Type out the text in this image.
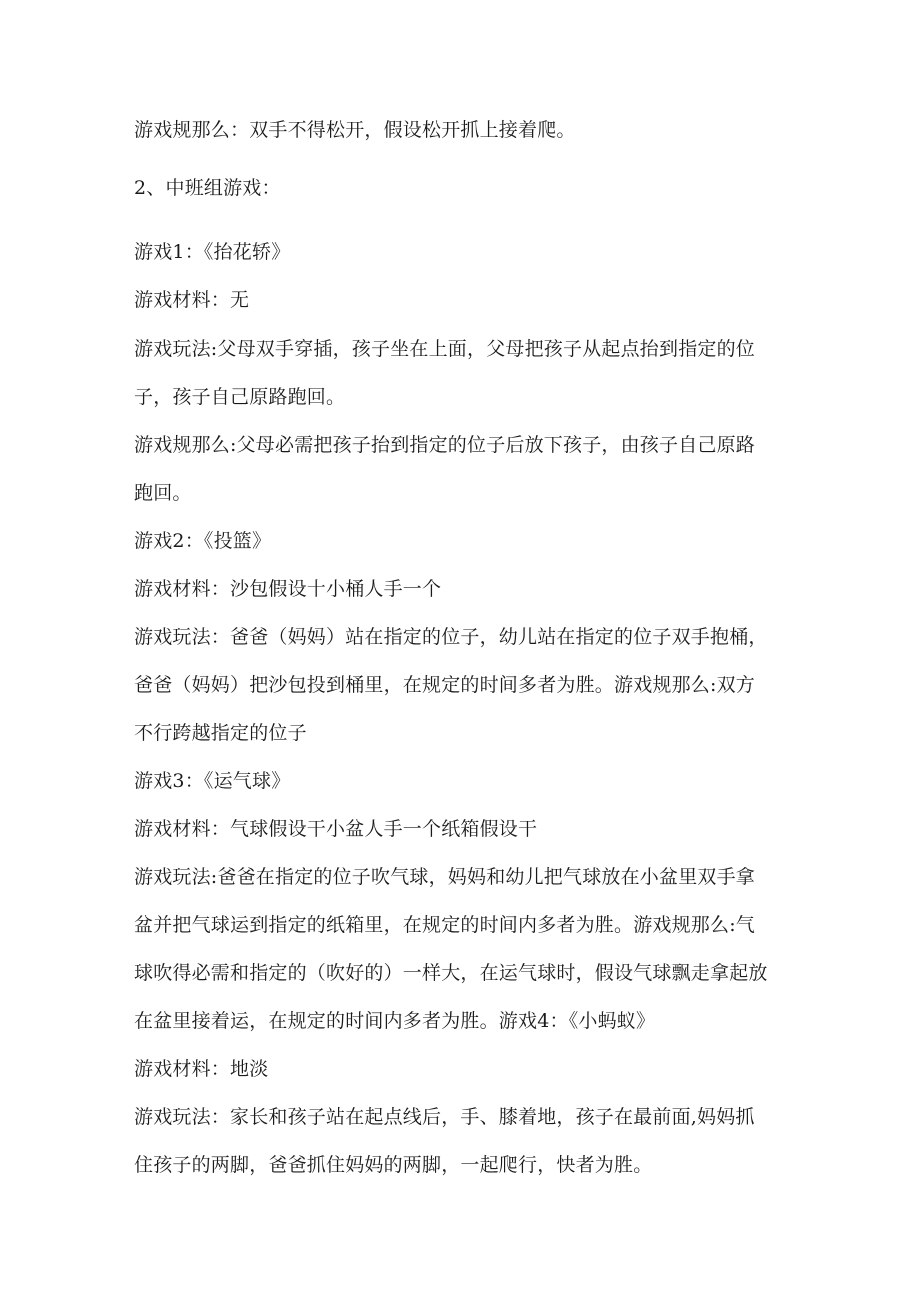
游戏规那么：双手不得松开，假设松开抓上接着爬。
2、中班组游戏：
游戏1：《抬花轿》
游戏材料：无
游戏玩法:父母双手穿插，孩子坐在上面，父母把孩子从起点抬到指定的位
子，孩子自己原路跑回。
游戏规那么:父母必需把孩子抬到指定的位子后放下孩子，由孩子自己原路
跑回。
游戏2：《投篮》
游戏材料：沙包假设十小桶人手一个
游戏玩法：爸爸（妈妈）站在指定的位子，幼儿站在指定的位子双手抱桶，
爸爸（妈妈）把沙包投到桶里，在规定的时间多者为胜。游戏规那么:双方
不行跨越指定的位子
游戏3：《运气球》
游戏材料：气球假设干小盆人手一个纸箱假设干
游戏玩法:爸爸在指定的位子吹气球，妈妈和幼儿把气球放在小盆里双手拿
盆并把气球运到指定的纸箱里，在规定的时间内多者为胜。游戏规那么:气
球吹得必需和指定的（吹好的）一样大，在运气球时，假设气球飘走拿起放
在盆里接着运，在规定的时间内多者为胜。游戏4：《小蚂蚁》
游戏材料：地淡
游戏玩法：家长和孩子站在起点线后，手、膝着地，孩子在最前面,妈妈抓
住孩子的两脚，爸爸抓住妈妈的两脚，一起爬行，快者为胜。
